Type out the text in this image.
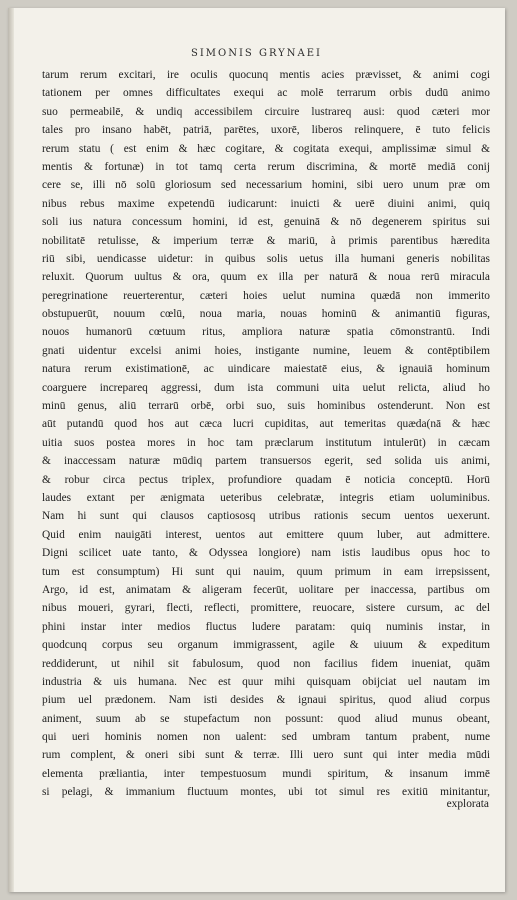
SIMONIS GRYNAEI
tarum rerum excitari, ire oculis quocunq mentis acies prævisset, & animi cogi
tationem per omnes difficultates exequi ac molē terrarum orbis dudū animo
suo permeabilē, & undiq accessibilem circuire lustrareq ausi: quod cæteri mor
tales pro insano habēt, patriā, parētes, uxorē, liberos relinquere, ē tuto felicis
rerum statu ( est enim & hæc cogitare, & cogitata exequi, amplissimæ simul &
mentis & fortunæ) in tot tamq certa rerum discrimina, & mortē mediā conij
cere se, illi nō solū gloriosum sed necessarium homini, sibi uero unum præ om
nibus rebus maxime expetendū iudicarunt: inuicti & uerē diuini animi, quiq
soli ius natura concessum homini, id est, genuinā & nō degenerem spiritus sui
nobilitatē retulisse, & imperium terræ & mariū, à primis parentibus hæredita
riū sibi, uendicasse uidetur: in quibus solis uetus illa humani generis nobilitas
reluxit. Quorum uultus & ora, quum ex illa per naturā & noua rerū miracula
peregrinatione reuerterentur, cæteri hoies uelut numina quædā non immerito
obstupuerūt, nouum cœlū, noua maria, nouas hominū & animantiū figuras,
nouos humanorū cœtuum ritus, ampliora naturæ spatia cōmonstrantū. Indi
gnati uidentur excelsi animi hoies, instigante numine, leuem & contēptibilem
natura rerum existimationē, ac uindicare maiestatē eius, & ignauiā hominum
coarguere increpareq aggressi, dum ista communi uita uelut relicta, aliud ho
minū genus, aliū terrarū orbē, orbi suo, suis hominibus ostenderunt. Non est
aūt putandū quod hos aut cæca lucri cupiditas, aut temeritas quæda(nā & hæc
uitia suos postea mores in hoc tam præclarum institutum intulerūt) in cæcam
& inaccessam naturæ mūdiq partem transuersos egerit, sed solida uis animi,
& robur circa pectus triplex, profundiore quadam ē noticia conceptū. Horū
laudes extant per ænigmata ueteribus celebratæ, integris etiam uoluminibus.
Nam hi sunt qui clausos captiososq utribus rationis secum uentos uexerunt.
Quid enim nauigāti interest, uentos aut emittere quum luber, aut admittere.
Digni scilicet uate tanto, & Odyssea longiore) nam istis laudibus opus hoc to
tum est consumptum) Hi sunt qui nauim, quum primum in eam irrepsissent,
Argo, id est, animatam & aligeram fecerūt, uolitare per inaccessa, partibus om
nibus moueri, gyrari, flecti, reflecti, promittere, reuocare, sistere cursum, ac del
phini instar inter medios fluctus ludere paratam: quiq numinis instar, in
quodcunq corpus seu organum immigrassent, agile & uiuum & expeditum
reddiderunt, ut nihil sit fabulosum, quod non facilius fidem inueniat, quām
industria & uis humana. Nec est quur mihi quisquam obijciat uel nautam im
pium uel prædonem. Nam isti desides & ignaui spiritus, quod aliud corpus
animent, suum ab se stupefactum non possunt: quod aliud munus obeant,
qui ueri hominis nomen non ualent: sed umbram tantum prabent, nume
rum complent, & oneri sibi sunt & terræ. Illi uero sunt qui inter media mūdi
elementa præliantia, inter tempestuosum mundi spiritum, & insanum immē
si pelagi, & immanium fluctuum montes, ubi tot simul res exitiū minitantur,
explorata
